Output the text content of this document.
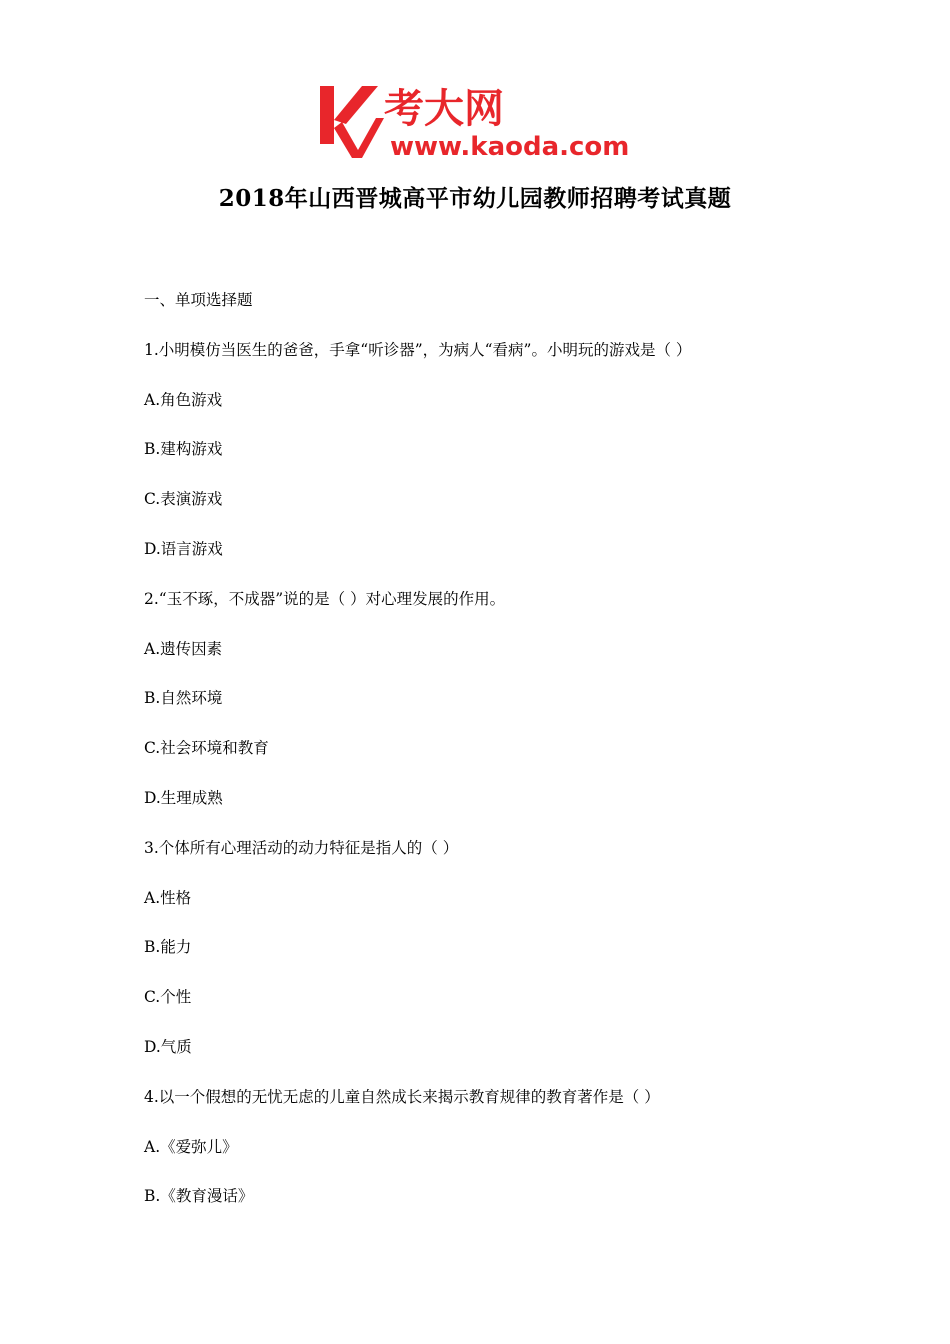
考大网
www.kaoda.com
2018年山西晋城高平市幼儿园教师招聘考试真题
一、单项选择题
1.小明模仿当医生的爸爸，手拿“听诊器”，为病人“看病”。小明玩的游戏是（ ）
A.角色游戏
B.建构游戏
C.表演游戏
D.语言游戏
2.“玉不琢，不成器”说的是（ ）对心理发展的作用。
A.遗传因素
B.自然环境
C.社会环境和教育
D.生理成熟
3.个体所有心理活动的动力特征是指人的（ ）
A.性格
B.能力
C.个性
D.气质
4.以一个假想的无忧无虑的儿童自然成长来揭示教育规律的教育著作是（ ）
A.《爱弥儿》
B.《教育漫话》
